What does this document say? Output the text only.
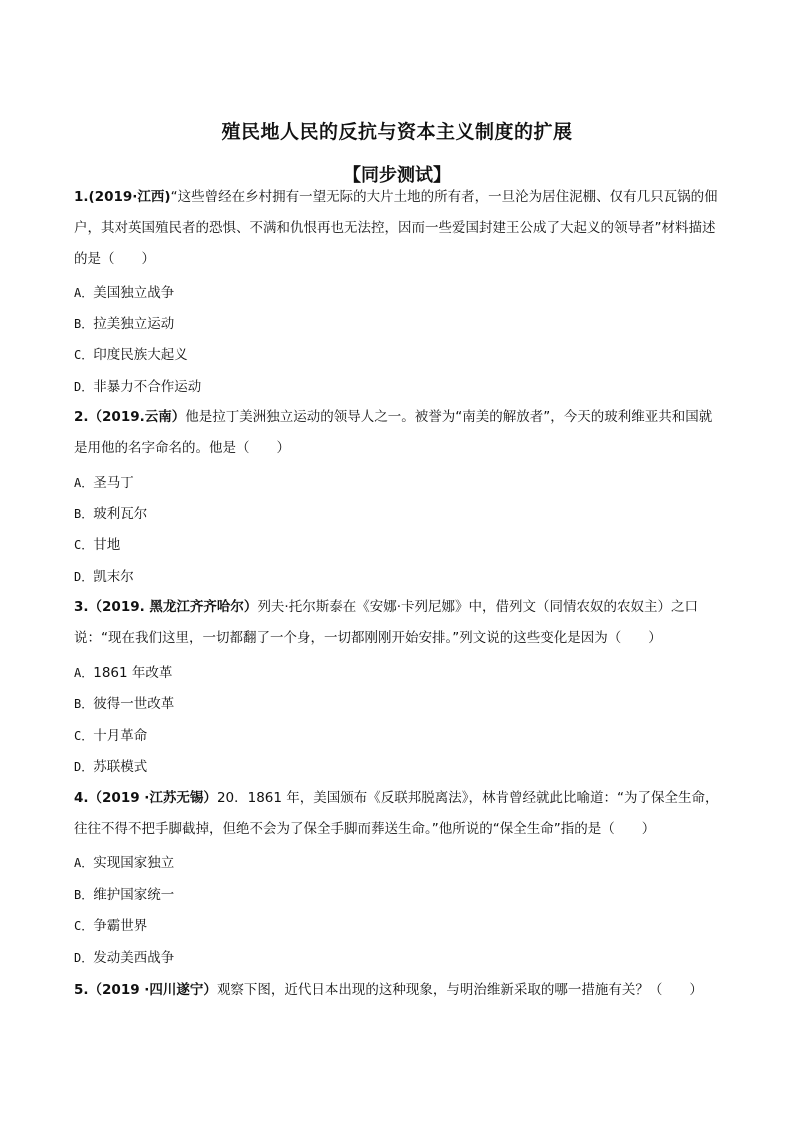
殖民地人民的反抗与资本主义制度的扩展
【同步测试】

1.(2019·江西)“这些曾经在乡村拥有一望无际的大片土地的所有者，一旦沦为居住泥棚、仅有几只瓦锅的佃户，其对英国殖民者的恐惧、不满和仇恨再也无法控，因而一些爱国封建王公成了大起义的领导者”材料描述的是（　　）

A．美国独立战争

B．拉美独立运动

C．印度民族大起义

D．非暴力不合作运动

2.（2019.云南）他是拉丁美洲独立运动的领导人之一。被誉为“南美的解放者”，今天的玻利维亚共和国就是用他的名字命名的。他是（　　）

A．圣马丁

B．玻利瓦尔

C．甘地

D．凯末尔

3.（2019. 黑龙江齐齐哈尔）列夫·托尔斯泰在《安娜·卡列尼娜》中，借列文（同情农奴的农奴主）之口说：“现在我们这里，一切都翻了一个身，一切都刚刚开始安排。”列文说的这些变化是因为（　　）

A．1861 年改革

B．彼得一世改革

C．十月革命

D．苏联模式

4.（2019 ·江苏无锡）20．1861 年，美国颁布《反联邦脱离法》，林肯曾经就此比喻道：“为了保全生命，往往不得不把手脚截掉，但绝不会为了保全手脚而葬送生命。”他所说的“保全生命”指的是（　　）

A．实现国家独立

B．维护国家统一

C．争霸世界

D．发动美西战争

5.（2019 ·四川遂宁）观察下图，近代日本出现的这种现象，与明治维新采取的哪一措施有关？（　　）
